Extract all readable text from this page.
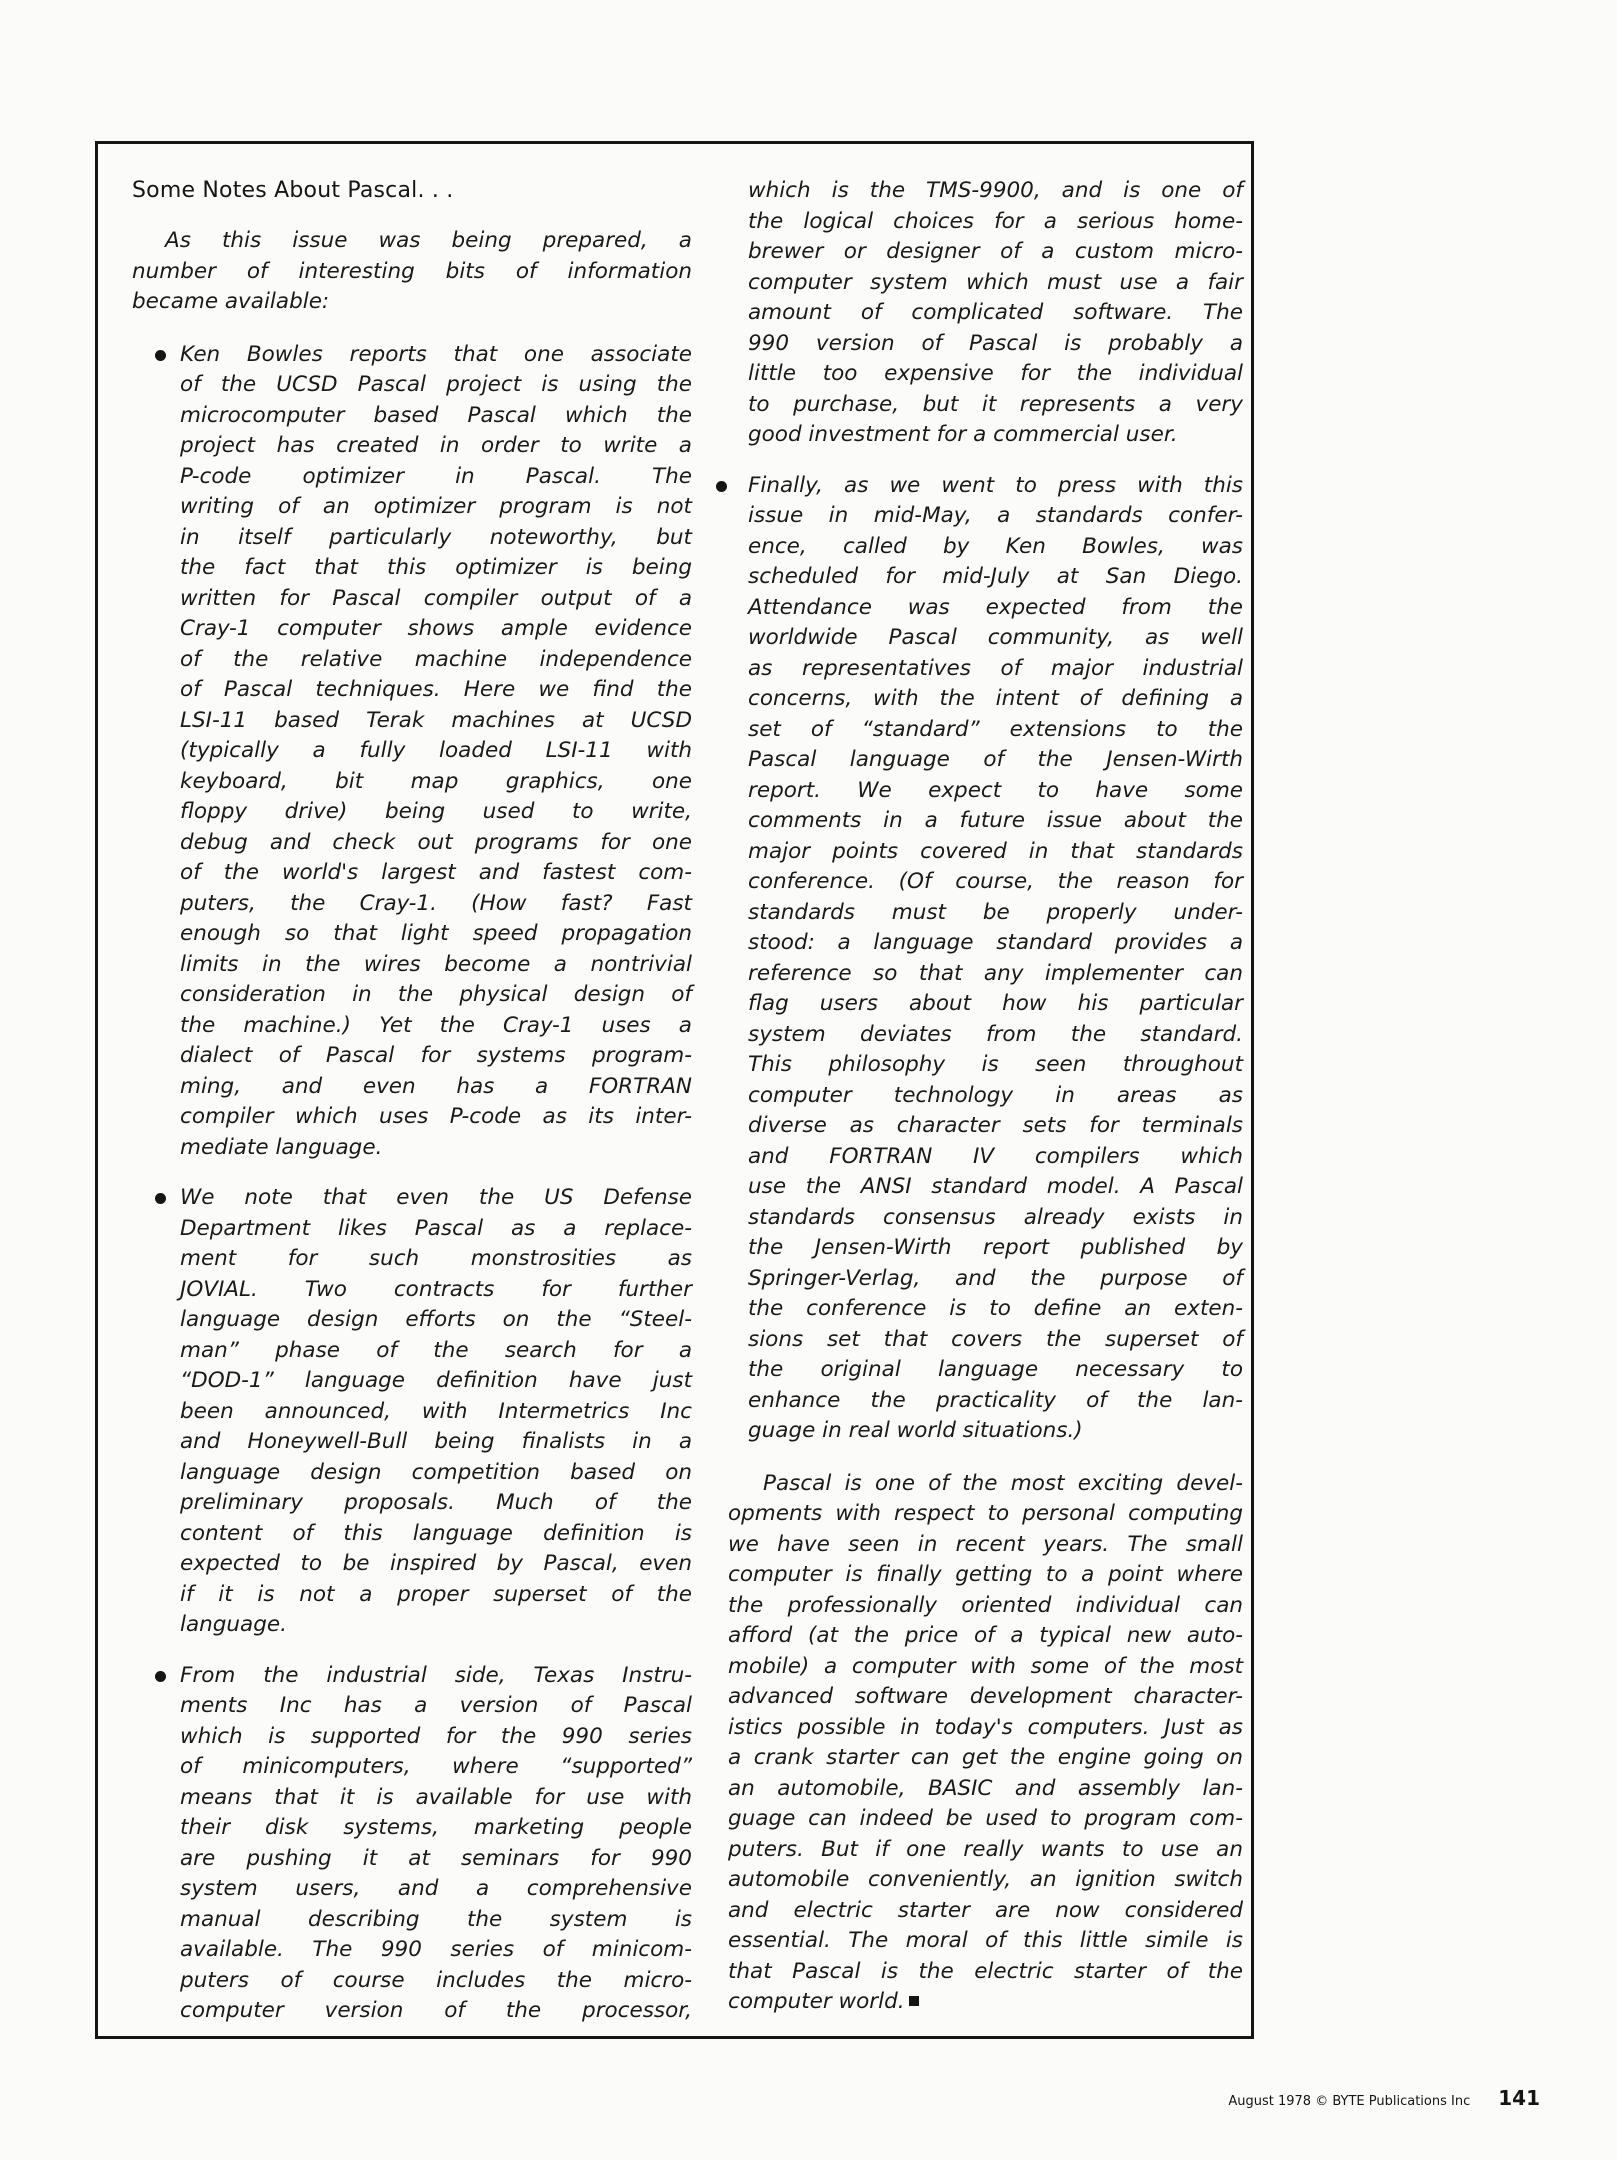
Some Notes About Pascal. . .
As this issue was being prepared, a
number of interesting bits of information
became available:
Ken Bowles reports that one associate
of the UCSD Pascal project is using the
microcomputer based Pascal which the
project has created in order to write a
P-code optimizer in Pascal. The
writing of an optimizer program is not
in itself particularly noteworthy, but
the fact that this optimizer is being
written for Pascal compiler output of a
Cray-1 computer shows ample evidence
of the relative machine independence
of Pascal techniques. Here we find the
LSI-11 based Terak machines at UCSD
(typically a fully loaded LSI-11 with
keyboard, bit map graphics, one
floppy drive) being used to write,
debug and check out programs for one
of the world's largest and fastest com-
puters, the Cray-1. (How fast? Fast
enough so that light speed propagation
limits in the wires become a nontrivial
consideration in the physical design of
the machine.) Yet the Cray-1 uses a
dialect of Pascal for systems program-
ming, and even has a FORTRAN
compiler which uses P-code as its inter-
mediate language.
We note that even the US Defense
Department likes Pascal as a replace-
ment for such monstrosities as
JOVIAL. Two contracts for further
language design efforts on the “Steel-
man” phase of the search for a
“DOD-1” language definition have just
been announced, with Intermetrics Inc
and Honeywell-Bull being finalists in a
language design competition based on
preliminary proposals. Much of the
content of this language definition is
expected to be inspired by Pascal, even
if it is not a proper superset of the
language.
From the industrial side, Texas Instru-
ments Inc has a version of Pascal
which is supported for the 990 series
of minicomputers, where “supported”
means that it is available for use with
their disk systems, marketing people
are pushing it at seminars for 990
system users, and a comprehensive
manual describing the system is
available. The 990 series of minicom-
puters of course includes the micro-
computer version of the processor,
which is the TMS-9900, and is one of
the logical choices for a serious home-
brewer or designer of a custom micro-
computer system which must use a fair
amount of complicated software. The
990 version of Pascal is probably a
little too expensive for the individual
to purchase, but it represents a very
good investment for a commercial user.
Finally, as we went to press with this
issue in mid-May, a standards confer-
ence, called by Ken Bowles, was
scheduled for mid-July at San Diego.
Attendance was expected from the
worldwide Pascal community, as well
as representatives of major industrial
concerns, with the intent of defining a
set of “standard” extensions to the
Pascal language of the Jensen-Wirth
report. We expect to have some
comments in a future issue about the
major points covered in that standards
conference. (Of course, the reason for
standards must be properly under-
stood: a language standard provides a
reference so that any implementer can
flag users about how his particular
system deviates from the standard.
This philosophy is seen throughout
computer technology in areas as
diverse as character sets for terminals
and FORTRAN IV compilers which
use the ANSI standard model. A Pascal
standards consensus already exists in
the Jensen-Wirth report published by
Springer-Verlag, and the purpose of
the conference is to define an exten-
sions set that covers the superset of
the original language necessary to
enhance the practicality of the lan-
guage in real world situations.)
Pascal is one of the most exciting devel-
opments with respect to personal computing
we have seen in recent years. The small
computer is finally getting to a point where
the professionally oriented individual can
afford (at the price of a typical new auto-
mobile) a computer with some of the most
advanced software development character-
istics possible in today's computers. Just as
a crank starter can get the engine going on
an automobile, BASIC and assembly lan-
guage can indeed be used to program com-
puters. But if one really wants to use an
automobile conveniently, an ignition switch
and electric starter are now considered
essential. The moral of this little simile is
that Pascal is the electric starter of the
computer world.
August 1978 © BYTE Publications Inc 141
